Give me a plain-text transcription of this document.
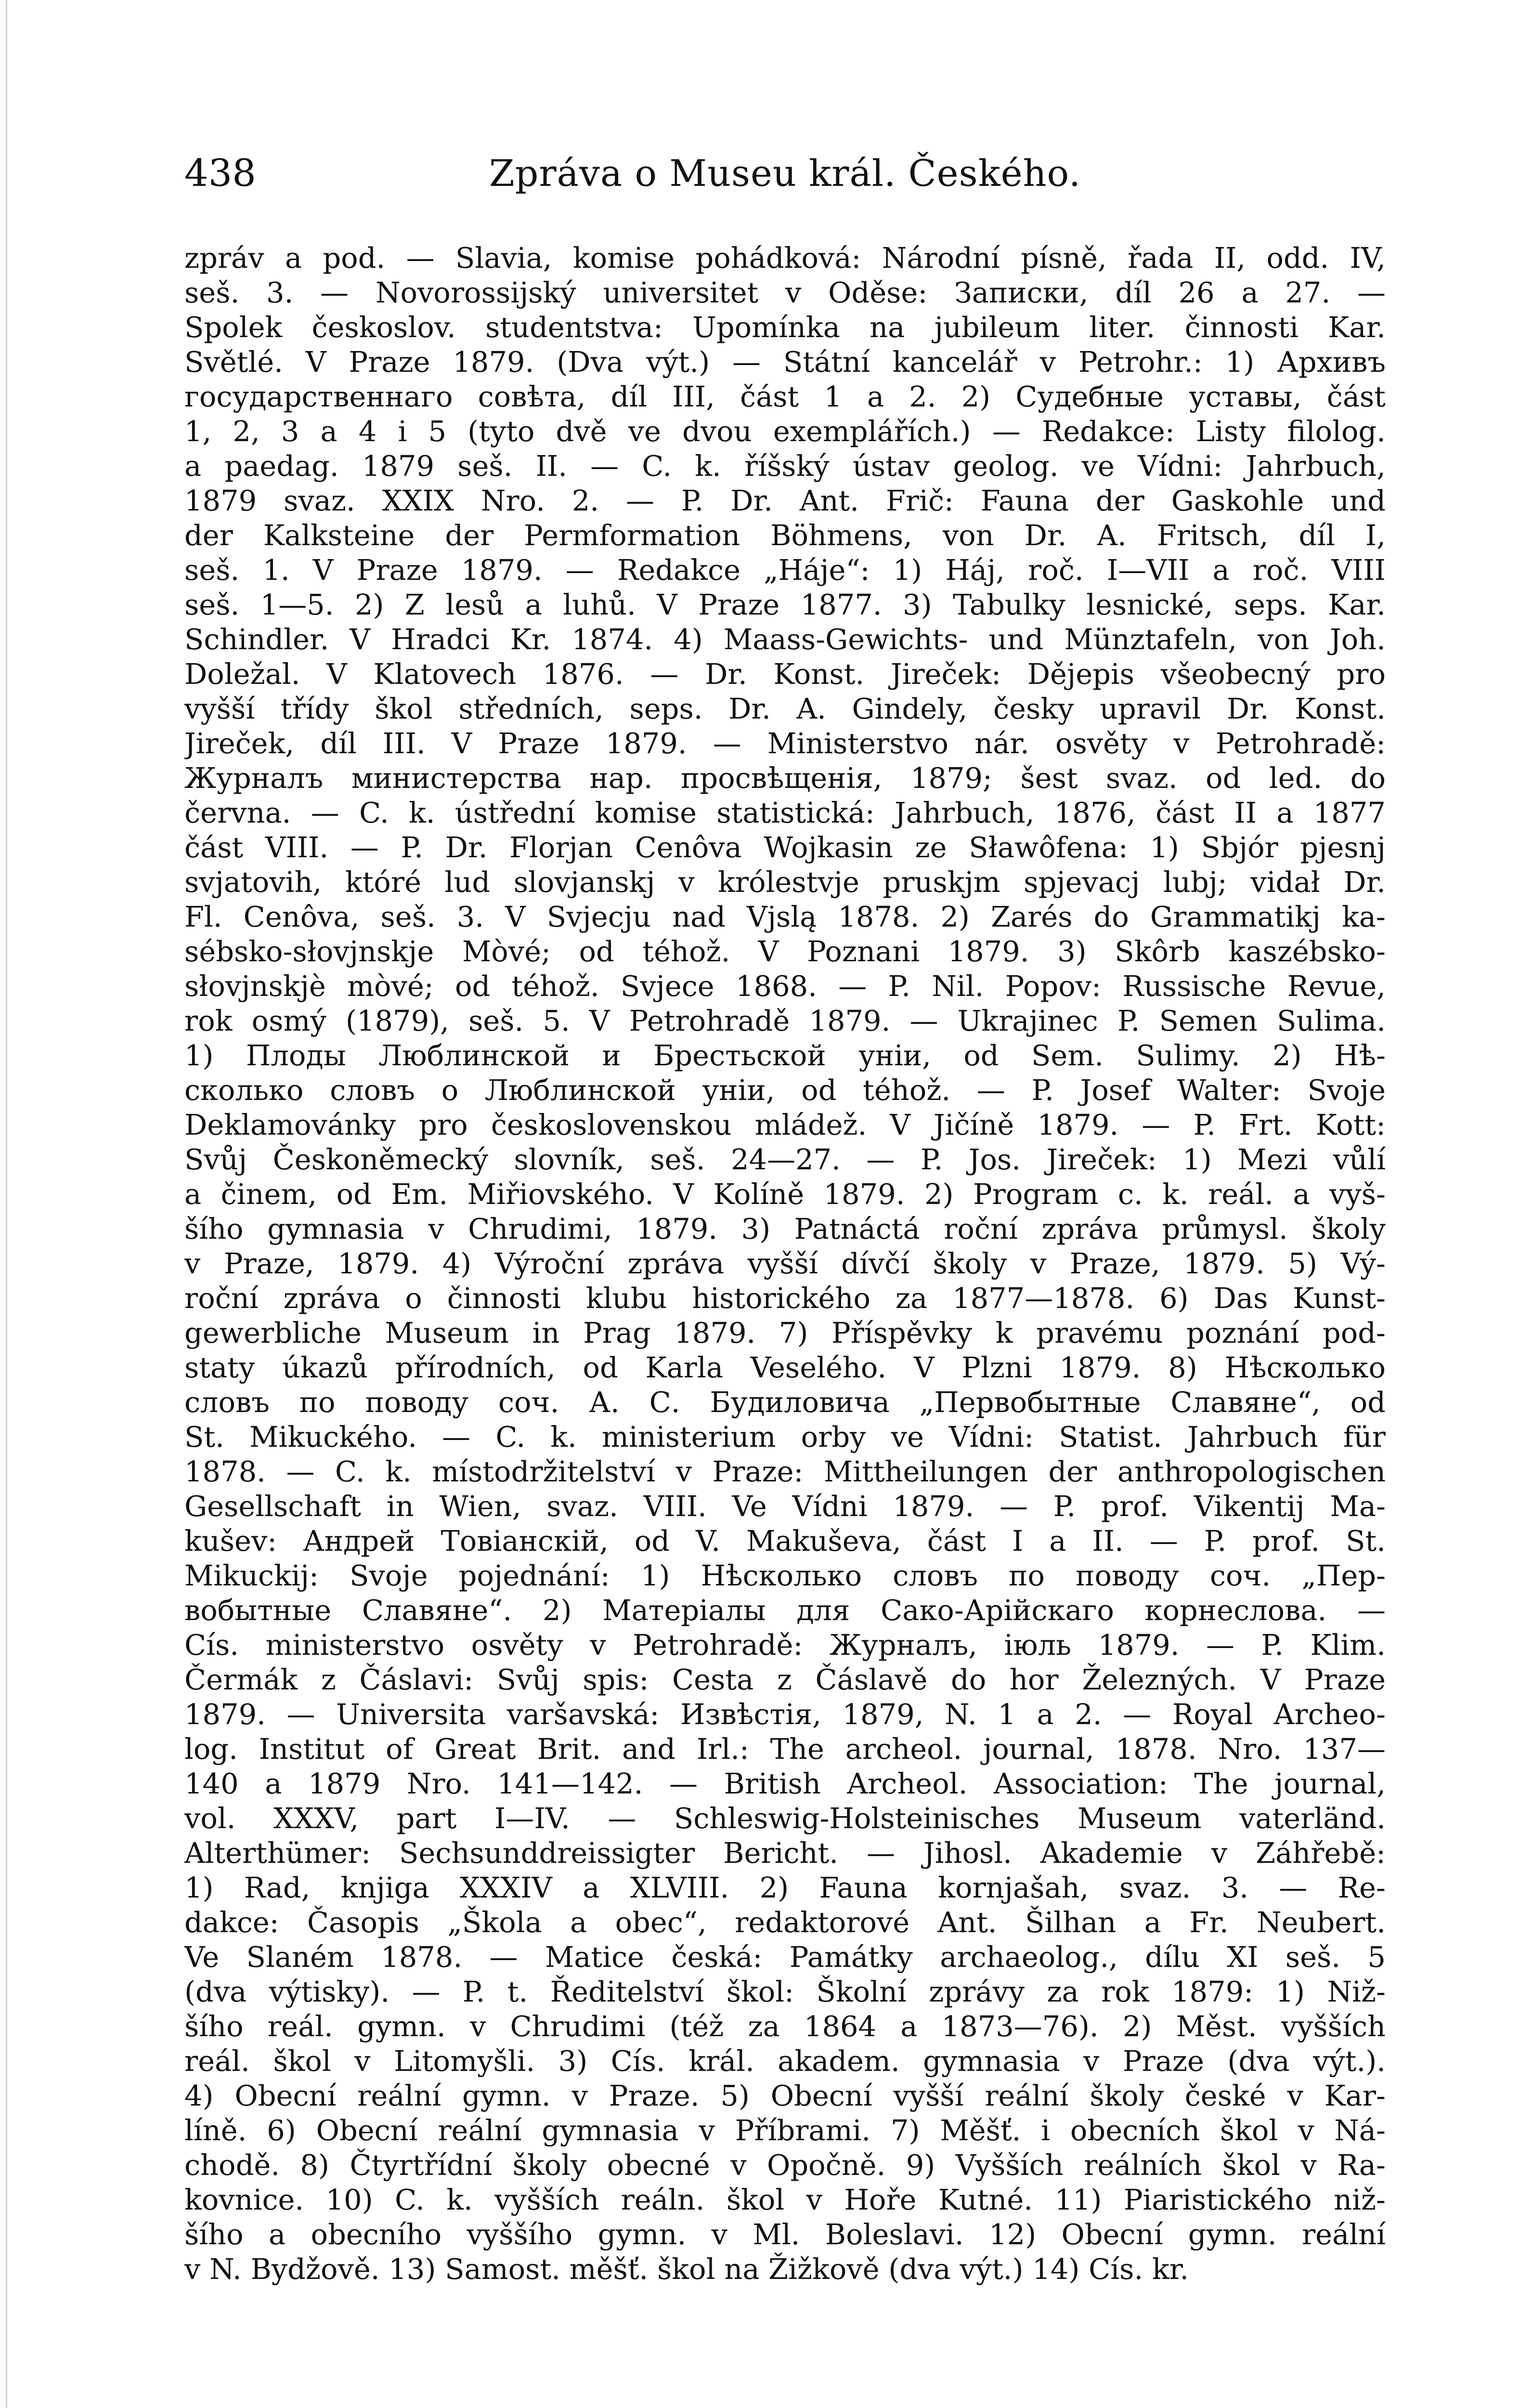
438	Zpráva o Museu král. Českého.
zpráv a pod. — Slavia, komise pohádková: Národní písně, řada II, odd. IV,
seš. 3. — Novorossijský universitet v Oděse: Записки, díl 26 a 27. —
Spolek českoslov. studentstva: Upomínka na jubileum liter. činnosti Kar.
Světlé. V Praze 1879. (Dva výt.) — Státní kancelář v Petrohr.: 1) Архивъ
государственнаго совѣта, díl III, část 1 a 2. 2) Судебные уставы, část
1, 2, 3 a 4 i 5 (tyto dvě ve dvou exemplářích.) — Redakce: Listy filolog.
a paedag. 1879 seš. II. — C. k. říšský ústav geolog. ve Vídni: Jahrbuch,
1879 svaz. XXIX Nro. 2. — P. Dr. Ant. Frič: Fauna der Gaskohle und
der Kalksteine der Permformation Böhmens, von Dr. A. Fritsch, díl I,
seš. 1. V Praze 1879. — Redakce „Háje“: 1) Háj, roč. I—VII a roč. VIII
seš. 1—5. 2) Z lesů a luhů. V Praze 1877. 3) Tabulky lesnické, seps. Kar.
Schindler. V Hradci Kr. 1874. 4) Maass-Gewichts- und Münztafeln, von Joh.
Doležal. V Klatovech 1876. — Dr. Konst. Jireček: Dějepis všeobecný pro
vyšší třídy škol středních, seps. Dr. A. Gindely, česky upravil Dr. Konst.
Jireček, díl III. V Praze 1879. — Ministerstvo nár. osvěty v Petrohradě:
Журналъ министерства нар. просвѣщенія, 1879; šest svaz. od led. do
června. — C. k. ústřední komise statistická: Jahrbuch, 1876, část II a 1877
část VIII. — P. Dr. Florjan Cenôva Wojkasin ze Sławôfena: 1) Sbjór pjesnj
svjatovih, któré lud slovjanskj v królestvje pruskjm spjevacj lubj; vidał Dr.
Fl. Cenôva, seš. 3. V Svjecju nad Vjslą 1878. 2) Zarés do Grammatikj ka-
sébsko-słovjnskje Mòvé; od téhož. V Poznani 1879. 3) Skôrb kaszébsko-
słovjnskjè mòvé; od téhož. Svjece 1868. — P. Nil. Popov: Russische Revue,
rok osmý (1879), seš. 5. V Petrohradě 1879. — Ukrajinec P. Semen Sulima.
1) Плоды Люблинской и Брестьской уніи, od Sem. Sulimy. 2) Нѣ-
сколько словъ о Люблинской уніи, od téhož. — P. Josef Walter: Svoje
Deklamovánky pro československou mládež. V Jičíně 1879. — P. Frt. Kott:
Svůj Českoněmecký slovník, seš. 24—27. — P. Jos. Jireček: 1) Mezi vůlí
a činem, od Em. Miřiovského. V Kolíně 1879. 2) Program c. k. reál. a vyš-
šího gymnasia v Chrudimi, 1879. 3) Patnáctá roční zpráva průmysl. školy
v Praze, 1879. 4) Výroční zpráva vyšší dívčí školy v Praze, 1879. 5) Vý-
roční zpráva o činnosti klubu historického za 1877—1878. 6) Das Kunst-
gewerbliche Museum in Prag 1879. 7) Příspěvky k pravému poznání pod-
staty úkazů přírodních, od Karla Veselého. V Plzni 1879. 8) Нѣсколько
словъ по поводу соч. А. С. Будиловича „Первобытные Славяне“, od
St. Mikuckého. — C. k. ministerium orby ve Vídni: Statist. Jahrbuch für
1878. — C. k. místodržitelství v Praze: Mittheilungen der anthropologischen
Gesellschaft in Wien, svaz. VIII. Ve Vídni 1879. — P. prof. Vikentij Ma-
kušev: Андрей Товіанскій, od V. Makuševa, část I a II. — P. prof. St.
Mikuckij: Svoje pojednání: 1) Нѣсколько словъ по поводу соч. „Пер-
вобытные Славяне“. 2) Матеріалы для Сако-Арійскаго корнеслова. —
Cís. ministerstvo osvěty v Petrohradě: Журналъ, іюль 1879. — P. Klim.
Čermák z Čáslavi: Svůj spis: Cesta z Čáslavě do hor Železných. V Praze
1879. — Universita varšavská: Извѣстія, 1879, N. 1 a 2. — Royal Archeo-
log. Institut of Great Brit. and Irl.: The archeol. journal, 1878. Nro. 137—
140 a 1879 Nro. 141—142. — British Archeol. Association: The journal,
vol. XXXV, part I—IV. — Schleswig-Holsteinisches Museum vaterländ.
Alterthümer: Sechsunddreissigter Bericht. — Jihosl. Akademie v Záhřebě:
1) Rad, knjiga XXXIV a XLVIII. 2) Fauna kornjašah, svaz. 3. — Re-
dakce: Časopis „Škola a obec“, redaktorové Ant. Šilhan a Fr. Neubert.
Ve Slaném 1878. — Matice česká: Památky archaeolog., dílu XI seš. 5
(dva výtisky). — P. t. Ředitelství škol: Školní zprávy za rok 1879: 1) Niž-
šího reál. gymn. v Chrudimi (též za 1864 a 1873—76). 2) Měst. vyšších
reál. škol v Litomyšli. 3) Cís. král. akadem. gymnasia v Praze (dva výt.).
4) Obecní reální gymn. v Praze. 5) Obecní vyšší reální školy české v Kar-
líně. 6) Obecní reální gymnasia v Příbrami. 7) Měšť. i obecních škol v Ná-
chodě. 8) Čtyrtřídní školy obecné v Opočně. 9) Vyšších reálních škol v Ra-
kovnice. 10) C. k. vyšších reáln. škol v Hoře Kutné. 11) Piaristického niž-
šího a obecního vyššího gymn. v Ml. Boleslavi. 12) Obecní gymn. reální
v N. Bydžově. 13) Samost. měšť. škol na Žižkově (dva výt.) 14) Cís. kr.
